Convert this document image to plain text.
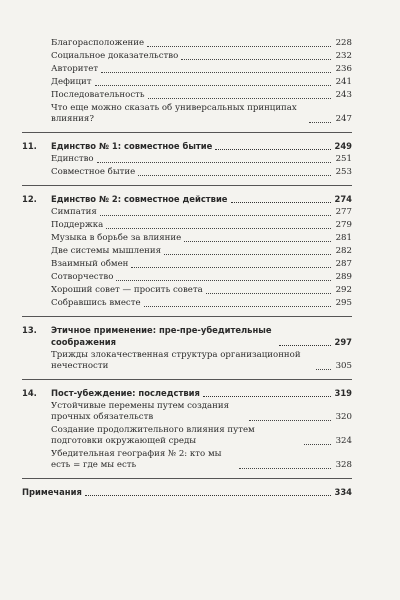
Благорасположение	228
Социальное доказательство	232
Авторитет	236
Дефицит	241
Последовательность	243
Что еще можно сказать об универсальных принципах влияния?	247
11.	Единство № 1: совместное бытие	249
Единство	251
Совместное бытие	253
12.	Единство № 2: совместное действие	274
Симпатия	277
Поддержка	279
Музыка в борьбе за влияние	281
Две системы мышления	282
Взаимный обмен	287
Сотворчество	289
Хороший совет — просить совета	292
Собравшись вместе	295
13.	Этичное применение: пре-пре-убедительные соображения	297
Трижды злокачественная структура организационной нечестности	305
14.	Пост-убеждение: последствия	319
Устойчивые перемены путем создания прочных обязательств	320
Создание продолжительного влияния путем подготовки окружающей среды	324
Убедительная география № 2: кто мы есть = где мы есть	328
Примечания	334
